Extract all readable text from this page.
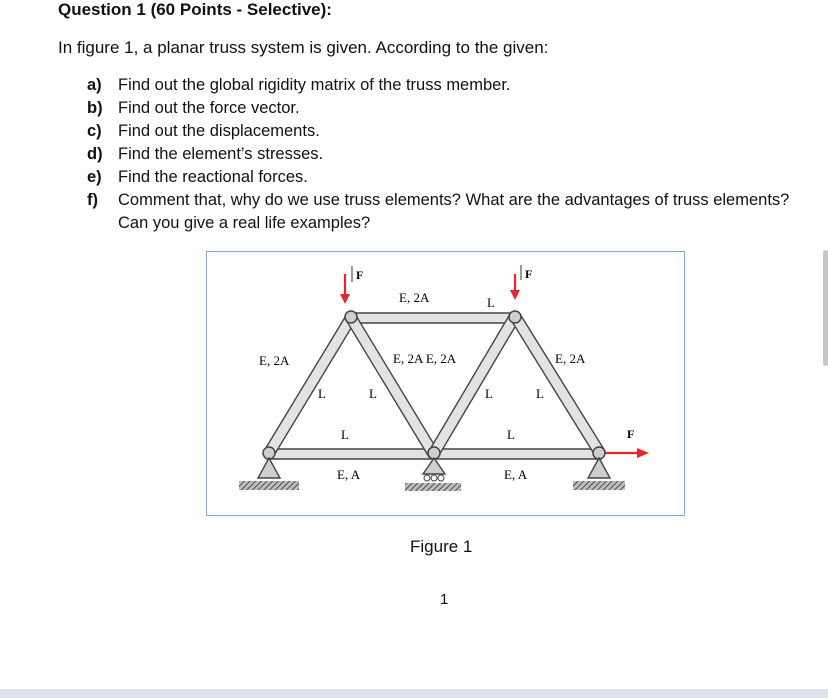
Question 1 (60 Points - Selective):
In figure 1, a planar truss system is given. According to the given:
a) Find out the global rigidity matrix of the truss member.
b) Find out the force vector.
c) Find out the displacements.
d) Find the element’s stresses.
e) Find the reactional forces.
f) Comment that, why do we use truss elements? What are the advantages of truss elements? Can you give a real life examples?
F	F
F
E, 2A	L
E, 2A	E, 2A E, 2A	E, 2A
L	L	L	L
L	L
E, A	E, A
Figure 1
1
